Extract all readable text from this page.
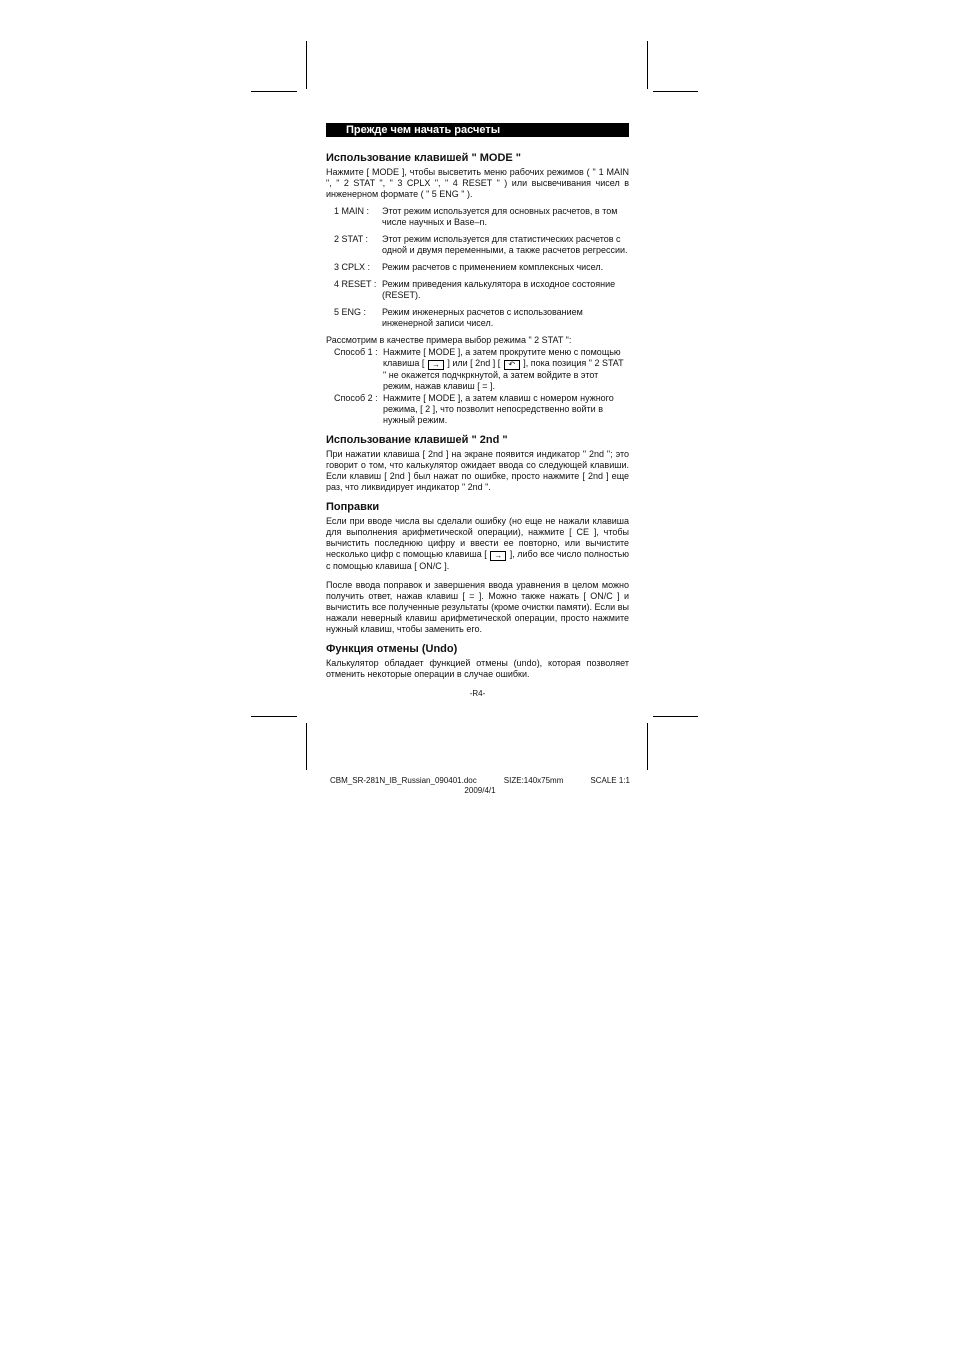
Прежде чем начать расчеты
Использование клавишей " MODE "

Нажмите [ MODE ], чтобы высветить меню рабочих режимов ( " 1 MAIN ", " 2 STAT ", " 3 CPLX ", " 4 RESET " ) или высвечивания чисел в инженерном формате ( " 5 ENG " ).

1 MAIN :	Этот режим используется для основных расчетов, в том числе научных и Base–n.
2 STAT :	Этот режим используется для статистических расчетов с одной и двумя переменными, а также расчетов регрессии.
3 CPLX :	Режим расчетов с применением комплексных чисел.
4 RESET : Режим приведения калькулятора в исходное состояние (RESET).
5 ENG :	Режим инженерных расчетов с использованием инженерной записи чисел.

Рассмотрим в качестве примера выбор режима " 2 STAT ":

Способ 1 : Нажмите [ MODE ], а затем прокрутите меню с помощью клавиша [ → ] или [ 2nd ] [ ↶ ], пока позиция " 2 STAT " не окажется подчкркнутой, а затем войдите в этот режим, нажав клавиш [ = ].
Способ 2 : Нажмите [ MODE ], а затем клавиш с номером нужного режима, [ 2 ], что позволит непосредственно войти в нужный режим.
Использование клавишей " 2nd "

При нажатии клавиша [ 2nd ] на экране появится индикатор " 2nd "; это говорит о том, что калькулятор ожидает ввода со следующей клавиши. Если клавиш [ 2nd ] был нажат по ошибке, просто нажмите [ 2nd ] еще раз, что ликвидирует индикатор " 2nd ".

Поправки

Если при вводе числа вы сделали ошибку (но еще не нажали клавиша для выполнения арифметической операции), нажмите [ CE ], чтобы вычистить последнюю цифру и ввести ее повторно, или вычистите несколько цифр с помощью клавиша [ → ], либо все число полностью с помощью клавиша [ ON/C ].

После ввода поправок и завершения ввода уравнения в целом можно получить ответ, нажав клавиш [ = ]. Можно также нажать [ ON/C ] и вычистить все полученные результаты (кроме очистки памяти). Если вы нажали неверный клавиш арифметической операции, просто нажмите нужный клавиш, чтобы заменить его.

Функция отмены (Undo)

Калькулятор обладает функцией отмены (undo), которая позволяет отменить некоторые операции в случае ошибки.

-R4-
CBM_SR-281N_IB_Russian_090401.doc	SIZE:140x75mm	SCALE 1:1
2009/4/1
